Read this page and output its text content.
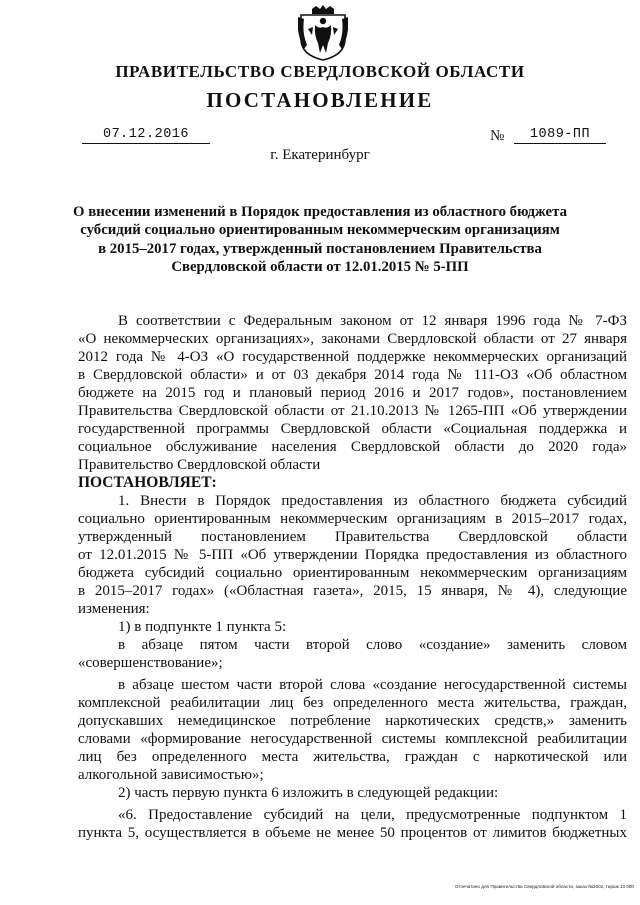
ПРАВИТЕЛЬСТВО СВЕРДЛОВСКОЙ ОБЛАСТИ
ПОСТАНОВЛЕНИЕ
07.12.2016	№	1089-ПП
г. Екатеринбург
О внесении изменений в Порядок предоставления из областного бюджета
субсидий социально ориентированным некоммерческим организациям
в 2015–2017 годах, утвержденный постановлением Правительства
Свердловской области от 12.01.2015 № 5-ПП
В соответствии с Федеральным законом от 12 января 1996 года № 7-ФЗ
«О некоммерческих организациях», законами Свердловской области от 27 января
2012 года № 4-ОЗ «О государственной поддержке некоммерческих организаций
в Свердловской области» и от 03 декабря 2014 года № 111-ОЗ «Об областном
бюджете на 2015 год и плановый период 2016 и 2017 годов», постановлением
Правительства Свердловской области от 21.10.2013 № 1265-ПП «Об утверждении
государственной программы Свердловской области «Социальная поддержка и
социальное обслуживание населения Свердловской области до 2020 года»
Правительство Свердловской области
ПОСТАНОВЛЯЕТ:
1. Внести в Порядок предоставления из областного бюджета субсидий
социально ориентированным некоммерческим организациям в 2015–2017 годах,
утвержденный постановлением Правительства Свердловской области
от 12.01.2015 № 5-ПП «Об утверждении Порядка предоставления из областного
бюджета субсидий социально ориентированным некоммерческим организациям
в 2015–2017 годах» («Областная газета», 2015, 15 января, № 4), следующие
изменения:
1) в подпункте 1 пункта 5:
в абзаце пятом части второй слово «создание» заменить словом
«совершенствование»;
в абзаце шестом части второй слова «создание негосударственной системы
комплексной реабилитации лиц без определенного места жительства, граждан,
допускавших немедицинское потребление наркотических средств,» заменить
словами «формирование негосударственной системы комплексной реабилитации
лиц без определенного места жительства, граждан с наркотической или
алкогольной зависимостью»;
2) часть первую пункта 6 изложить в следующей редакции:
«6. Предоставление субсидий на цели, предусмотренные подпунктом 1
пункта 5, осуществляется в объеме не менее 50 процентов от лимитов бюджетных
Отпечатано для Правительства Свердловской области, заказ №2002, тираж 10 000
